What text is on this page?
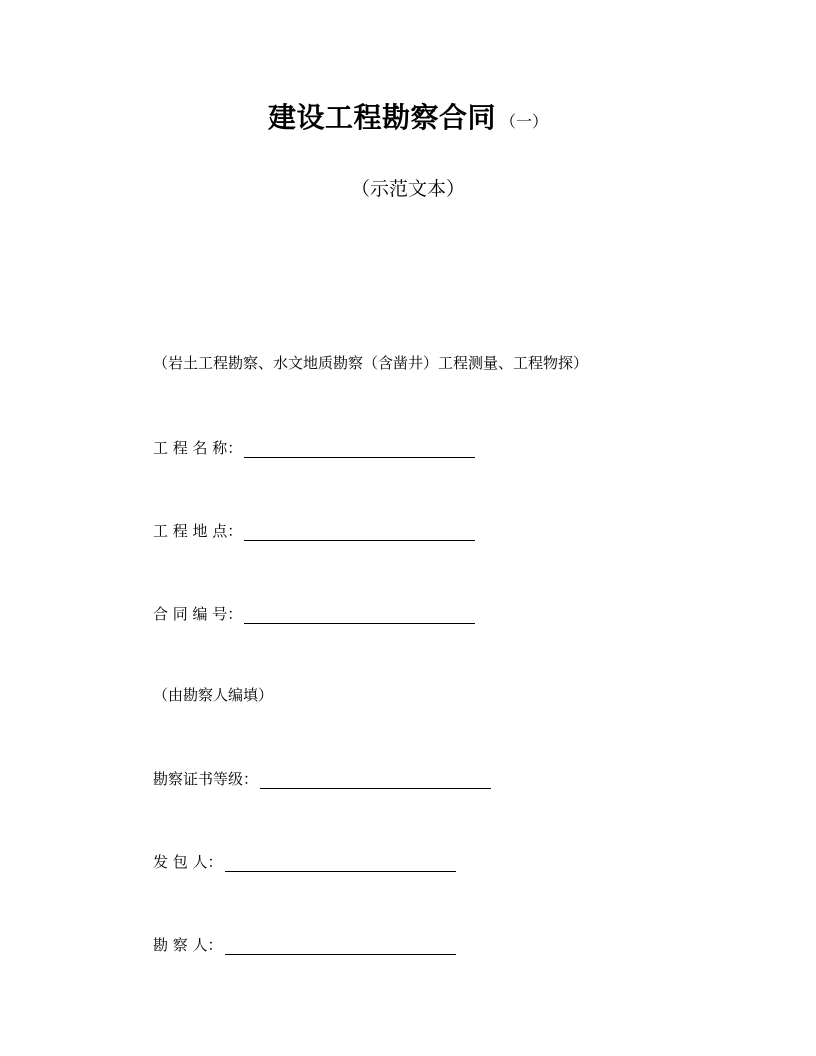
建设工程勘察合同 （一）
（示范文本）
（岩土工程勘察、水文地质勘察（含凿井）工程测量、工程物探）
工 程 名 称：
工 程 地 点：
合 同 编 号：
（由勘察人编填）
勘察证书等级：
发 包 人：
勘 察 人：
